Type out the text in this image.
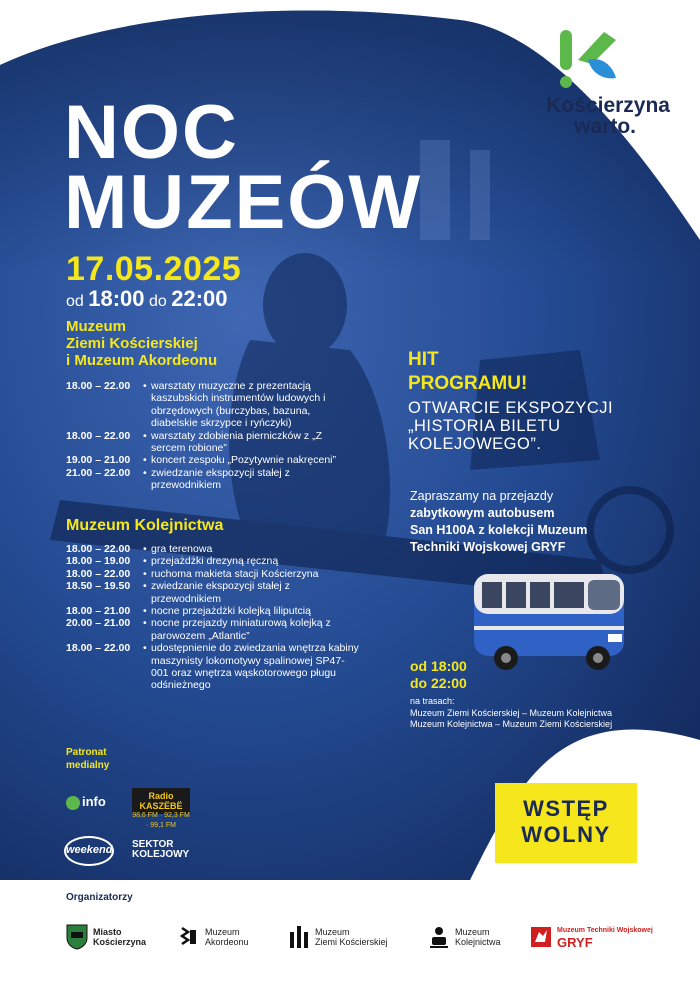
Kościerzyna
warto.
NOC
MUZEÓW
17.05.2025
od 18:00 do 22:00
Muzeum
Ziemi Kościerskiej
i Muzeum Akordeonu
18.00 – 22.00	• warsztaty muzyczne z prezentacją kaszubskich instrumentów ludowych i obrzędowych (burczybas, bazuna, diabelskie skrzypce i ryńczyki)
18.00 – 22.00	• warsztaty zdobienia pierniczków z „Z sercem robione”
19.00 – 21.00	• koncert zespołu „Pozytywnie nakręceni”
21.00 – 22.00	• zwiedzanie ekspozycji stałej z przewodnikiem
Muzeum Kolejnictwa
18.00 – 22.00	• gra terenowa
18.00 – 19.00	• przejażdżki drezyną ręczną
18.00 – 22.00	• ruchoma makieta stacji Kościerzyna
18.50 – 19.50	• zwiedzanie ekspozycji stałej z przewodnikiem
18.00 – 21.00	• nocne przejażdżki kolejką liliputcią
20.00 – 21.00	• nocne przejazdy miniaturową kolejką z parowozem „Atlantic”
18.00 – 22.00	• udostępnienie do zwiedzania wnętrza kabiny maszynisty lokomotywy spalinowej SP47-001 oraz wnętrza wąskotorowego pługu odśnieżnego
HIT
PROGRAMU!
OTWARCIE EKSPOZYCJI
„HISTORIA BILETU
KOLEJOWEGO”.
Zapraszamy na przejazdy
zabytkowym autobusem
San H100A z kolekcji Muzeum
Techniki Wojskowej GRYF
od 18:00
do 22:00
na trasach:
Muzeum Ziemi Kościerskiej – Muzeum Kolejnictwa
Muzeum Kolejnictwa – Muzeum Ziemi Kościerskiej
WSTĘP
WOLNY
Patronat
medialny
info	Radio KASZËBË
98,6 FM · 92,3 FM · 99,1 FM
weekend SEKTOR
KOLEJOWY
Organizatorzy
Miasto
Kościerzyna
Muzeum
Akordeonu
Muzeum
Ziemi Kościerskiej
Muzeum
Kolejnictwa
Muzeum Techniki Wojskowej
GRYF
